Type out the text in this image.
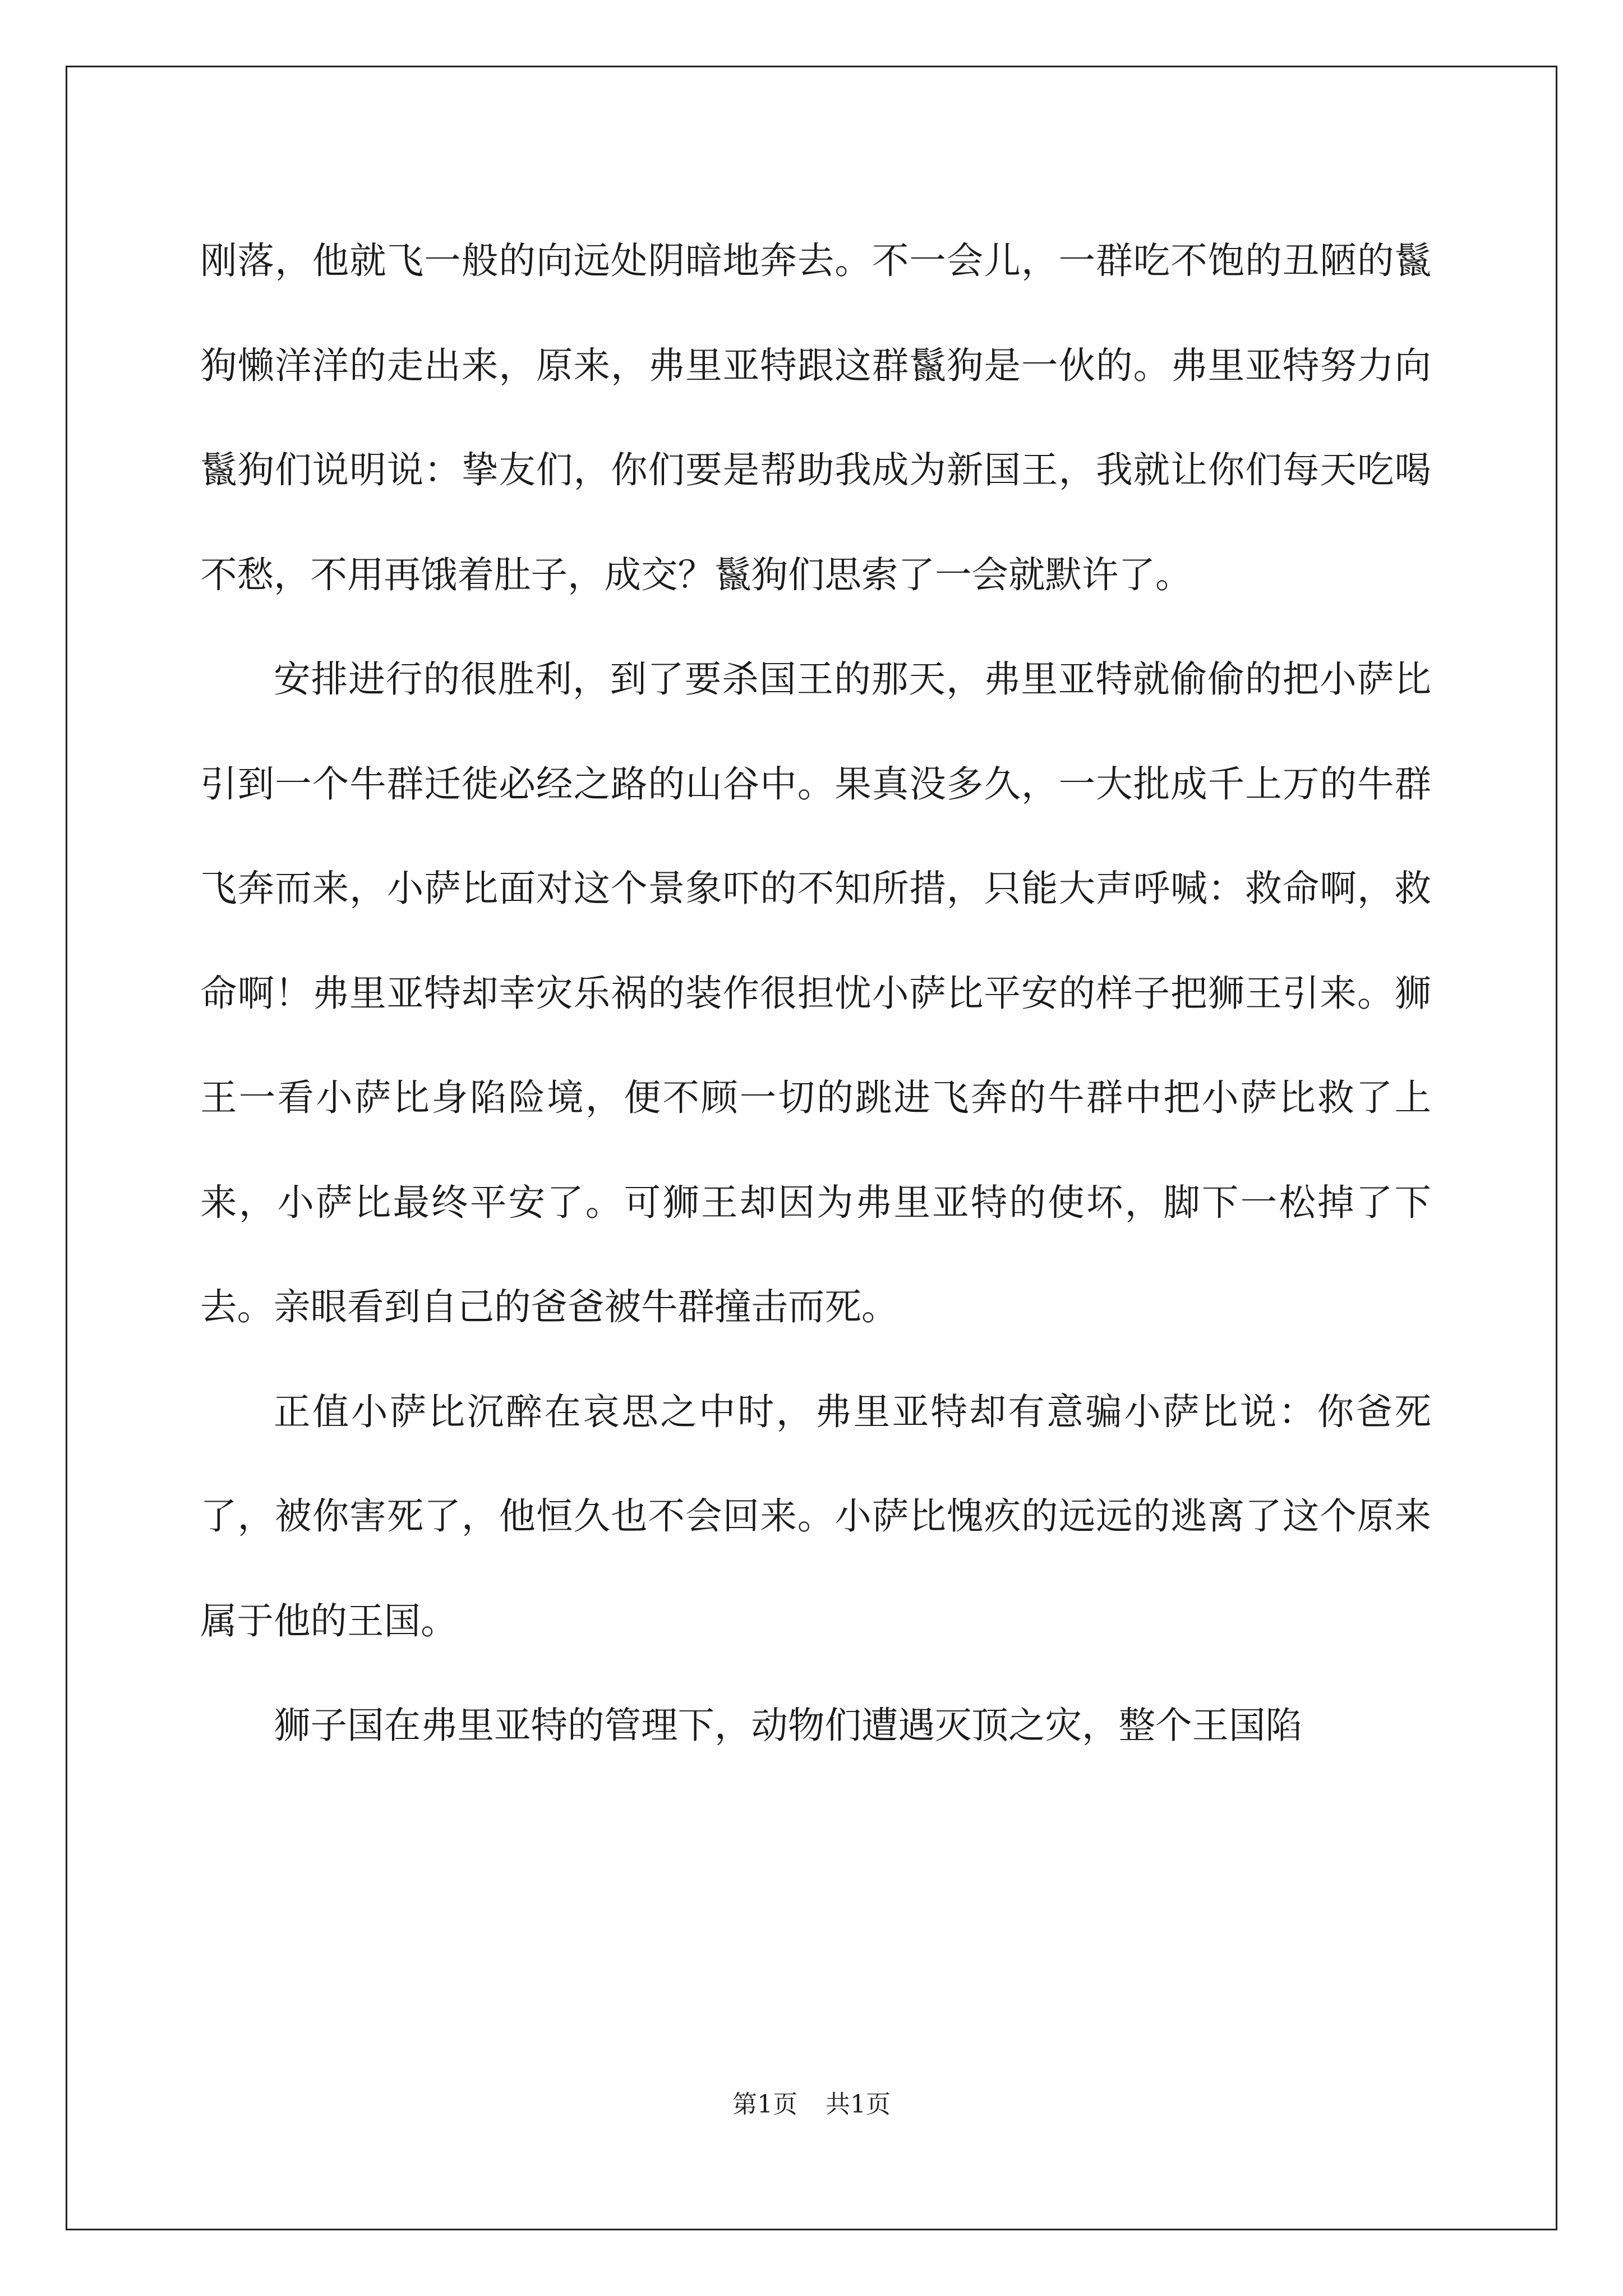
刚落，他就飞一般的向远处阴暗地奔去。不一会儿，一群吃不饱的丑陋的鬣狗懒洋洋的走出来，原来，弗里亚特跟这群鬣狗是一伙的。弗里亚特努力向鬣狗们说明说：挚友们，你们要是帮助我成为新国王，我就让你们每天吃喝不愁，不用再饿着肚子，成交？鬣狗们思索了一会就默许了。

安排进行的很胜利，到了要杀国王的那天，弗里亚特就偷偷的把小萨比引到一个牛群迁徙必经之路的山谷中。果真没多久，一大批成千上万的牛群飞奔而来，小萨比面对这个景象吓的不知所措，只能大声呼喊：救命啊，救命啊！弗里亚特却幸灾乐祸的装作很担忧小萨比平安的样子把狮王引来。狮王一看小萨比身陷险境，便不顾一切的跳进飞奔的牛群中把小萨比救了上来，小萨比最终平安了。可狮王却因为弗里亚特的使坏，脚下一松掉了下去。亲眼看到自己的爸爸被牛群撞击而死。

正值小萨比沉醉在哀思之中时，弗里亚特却有意骗小萨比说：你爸死了，被你害死了，他恒久也不会回来。小萨比愧疚的远远的逃离了这个原来属于他的王国。

狮子国在弗里亚特的管理下，动物们遭遇灭顶之灾，整个王国陷

第1页 共1页
